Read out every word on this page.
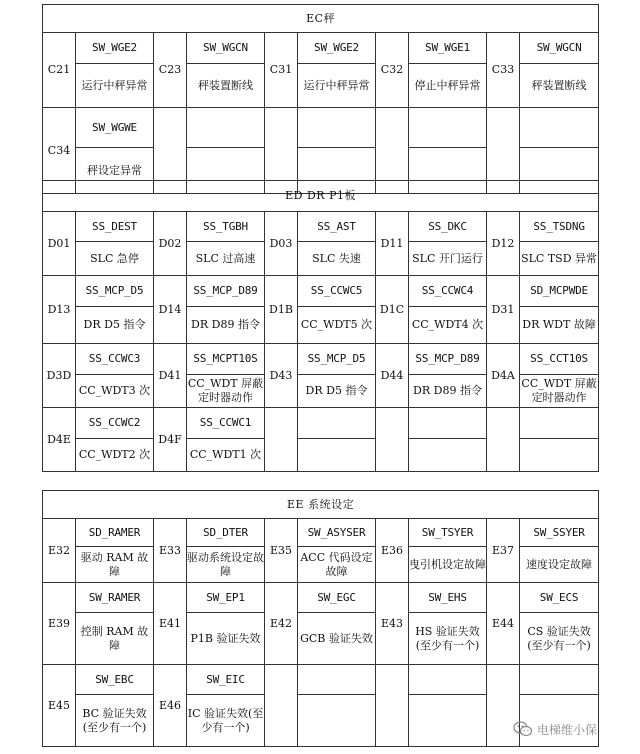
EC秤									
C21	SW_WGE2	C23	SW_WGCN	C31	SW_WGE2	C32	SW_WGE1	C33	SW_WGCN
	运行中秤异常		秤装置断线		运行中秤异常		停止中秤异常		秤装置断线
C34	SW_WGWE								
	秤设定异常								
ED DR P1板									
D01	SS_DEST	D02	SS_TGBH	D03	SS_AST	D11	SS_DKC	D12	SS_TSDNG
	SLC 急停		SLC 过高速		SLC 失速		SLC 开门运行		SLC TSD 异常
D13	SS_MCP_D5	D14	SS_MCP_D89	D1B	SS_CCWC5	D1C	SS_CCWC4	D31	SD_MCPWDE
	DR D5 指令		DR D89 指令		CC_WDT5 次		CC_WDT4 次		DR WDT 故障
D3D	SS_CCWC3	D41	SS_MCPT10S	D43	SS_MCP_D5	D44	SS_MCP_D89	D4A	SS_CCT10S
	CC_WDT3 次		CC_WDT 屏蔽定时器动作		DR D5 指令		DR D89 指令		CC_WDT 屏蔽定时器动作
D4E	SS_CCWC2	D4F	SS_CCWC1						
	CC_WDT2 次		CC_WDT1 次						
EE 系统设定									
E32	SD_RAMER	E33	SD_DTER	E35	SW_ASYSER	E36	SW_TSYER	E37	SW_SSYER
	驱动 RAM 故障		驱动系统设定故障		ACC 代码设定故障		曳引机设定故障		速度设定故障
E39	SW_RAMER	E41	SW_EP1	E42	SW_EGC	E43	SW_EHS	E44	SW_ECS
	控制 RAM 故障		P1B 验证失效		GCB 验证失效		HS 验证失效(至少有一个)		CS 验证失效(至少有一个)
E45	SW_EBC	E46	SW_EIC						
	BC 验证失效(至少有一个)		IC 验证失效(至少有一个)							电梯维小保
